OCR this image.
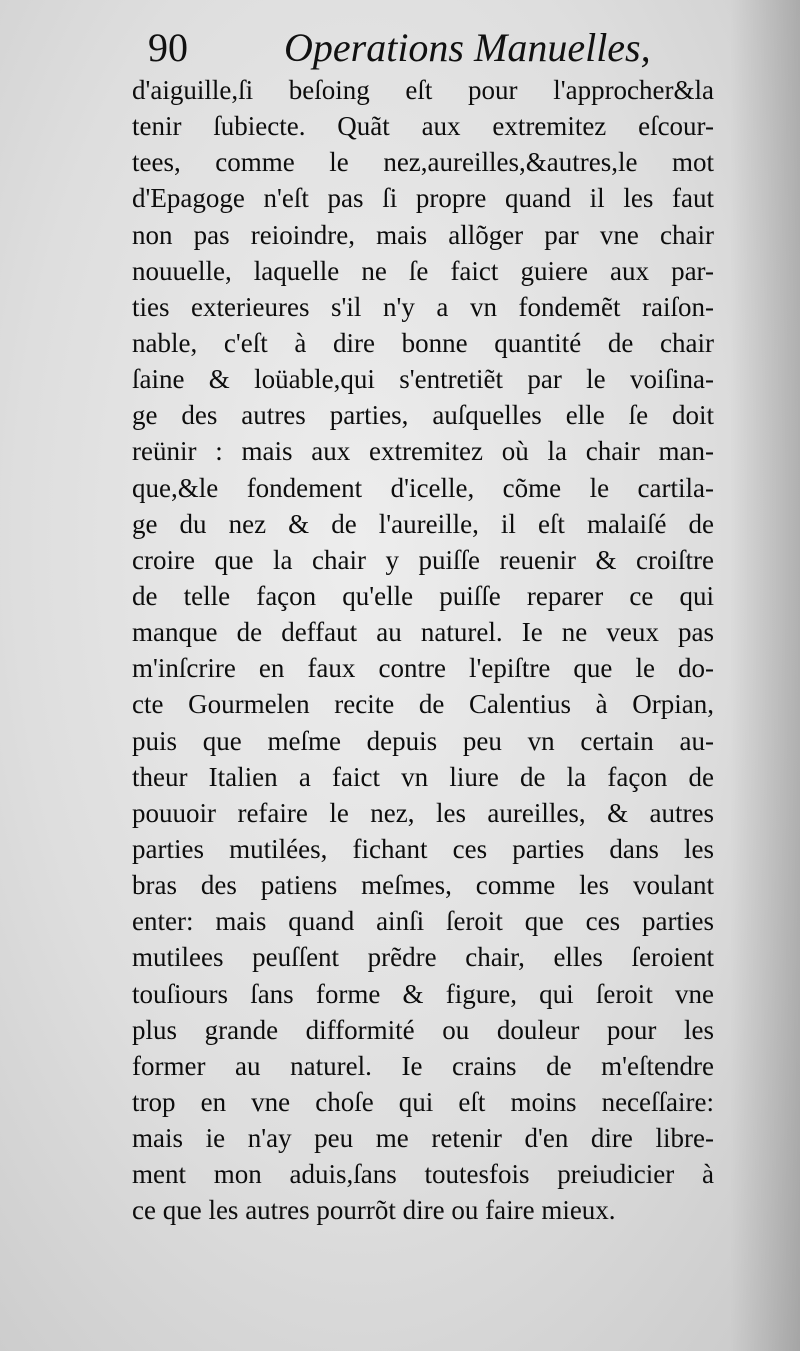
90 Operations Manuelles,
d'aiguille,ſi beſoing eſt pour l'approcher&la
tenir ſubiecte. Quãt aux extremitez eſcour-
tees, comme le nez,aureilles,&autres,le mot
d'Epagoge n'eſt pas ſi propre quand il les faut
non pas reioindre, mais allõger par vne chair
nouuelle, laquelle ne ſe faict guiere aux par-
ties exterieures s'il n'y a vn fondemẽt raiſon-
nable, c'eſt à dire bonne quantité de chair
ſaine & loüable,qui s'entretiẽt par le voiſina-
ge des autres parties, auſquelles elle ſe doit
reünir : mais aux extremitez où la chair man-
que,&le fondement d'icelle, cõme le cartila-
ge du nez & de l'aureille, il eſt malaiſé de
croire que la chair y puiſſe reuenir & croiſtre
de telle façon qu'elle puiſſe reparer ce qui
manque de deffaut au naturel. Ie ne veux pas
m'inſcrire en faux contre l'epiſtre que le do-
cte Gourmelen recite de Calentius à Orpian,
puis que meſme depuis peu vn certain au-
theur Italien a faict vn liure de la façon de
pouuoir refaire le nez, les aureilles, & autres
parties mutilées, fichant ces parties dans les
bras des patiens meſmes, comme les voulant
enter: mais quand ainſi ſeroit que ces parties
mutilees peuſſent prẽdre chair, elles ſeroient
touſiours ſans forme & figure, qui ſeroit vne
plus grande difformité ou douleur pour les
former au naturel. Ie crains de m'eſtendre
trop en vne choſe qui eſt moins neceſſaire:
mais ie n'ay peu me retenir d'en dire libre-
ment mon aduis,ſans toutesfois preiudicier à
ce que les autres pourrõt dire ou faire mieux.
